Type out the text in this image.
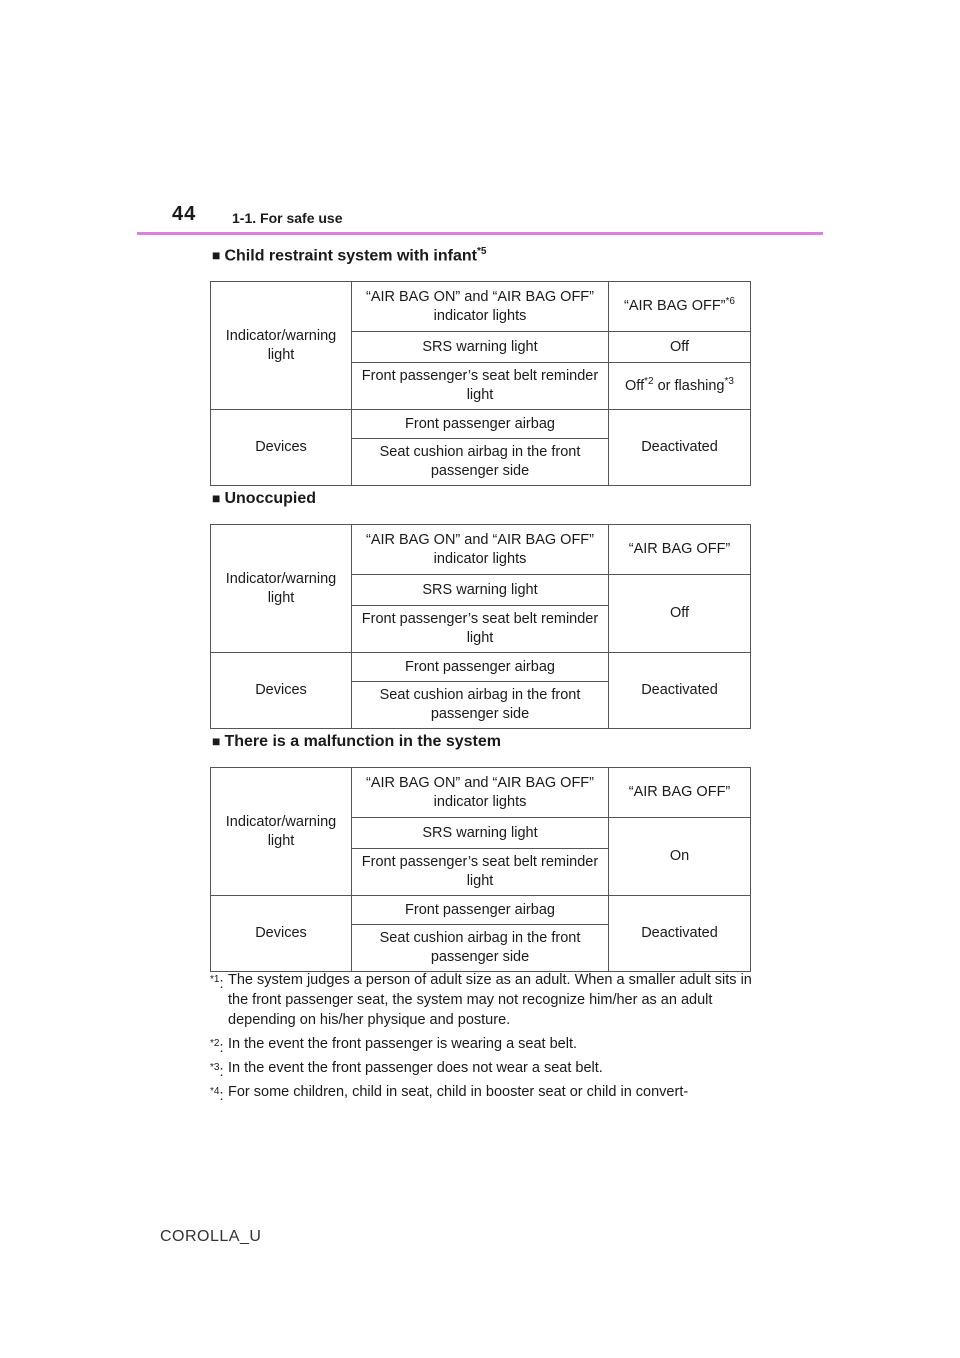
44	1-1. For safe use
■ Child restraint system with infant$^{*5}$
Indicator/warning light	“AIR BAG ON” and “AIR BAG OFF” indicator lights	“AIR BAG OFF”$^{*6}$
	SRS warning light	Off
	Front passenger’s seat belt reminder light	Off$^{*2}$ or flashing$^{*3}$
Devices	Front passenger airbag	Deactivated
	Seat cushion airbag in the front passenger side	
■ Unoccupied
Indicator/warning light	“AIR BAG ON” and “AIR BAG OFF” indicator lights	“AIR BAG OFF”
	SRS warning light	Off
	Front passenger’s seat belt reminder light	
Devices	Front passenger airbag	Deactivated
	Seat cushion airbag in the front passenger side	
■ There is a malfunction in the system
Indicator/warning light	“AIR BAG ON” and “AIR BAG OFF” indicator lights	“AIR BAG OFF”
	SRS warning light	On
	Front passenger’s seat belt reminder light	
Devices	Front passenger airbag	Deactivated
	Seat cushion airbag in the front passenger side	
$^{*1}$: The system judges a person of adult size as an adult. When a smaller adult sits in the front passenger seat, the system may not recognize him/her as an adult depending on his/her physique and posture.
$^{*2}$: In the event the front passenger is wearing a seat belt.
$^{*3}$: In the event the front passenger does not wear a seat belt.
$^{*4}$: For some children, child in seat, child in booster seat or child in convert-
COROLLA_U
